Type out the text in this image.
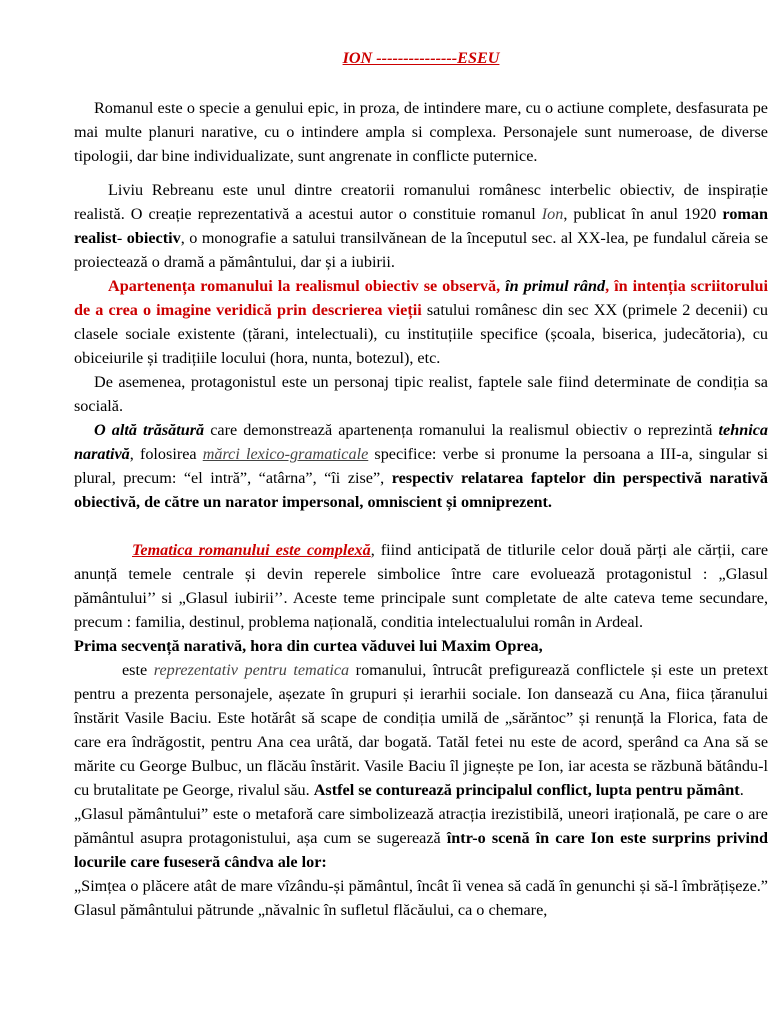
ION ---------------ESEU

Romanul este o specie a genului epic, in proza, de intindere mare, cu o actiune complete, desfasurata pe mai multe planuri narative, cu o intindere ampla si complexa. Personajele sunt numeroase, de diverse tipologii, dar bine individualizate, sunt angrenate in conflicte puternice.

Liviu Rebreanu este unul dintre creatorii romanului românesc interbelic obiectiv, de inspirație realistă. O creație reprezentativă a acestui autor o constituie romanul Ion, publicat în anul 1920 roman realist- obiectiv, o monografie a satului transilvănean de la începutul sec. al XX-lea, pe fundalul căreia se proiectează o dramă a pământului, dar și a iubirii.

Apartenența romanului la realismul obiectiv se observă, în primul rând, în intenția scriitorului de a crea o imagine veridică prin descrierea vieții satului românesc din sec XX (primele 2 decenii) cu clasele sociale existente (țărani, intelectuali), cu instituțiile specifice (școala, biserica, judecătoria), cu obiceiurile și tradițiile locului (hora, nunta, botezul), etc.

De asemenea, protagonistul este un personaj tipic realist, faptele sale fiind determinate de condiția sa socială.

O altă trăsătură care demonstrează apartenența romanului la realismul obiectiv o reprezintă tehnica narativă, folosirea mărci lexico-gramaticale specifice: verbe si pronume la persoana a III-a, singular si plural, precum: “el intră”, “atârna”, “îi zise”, respectiv relatarea faptelor din perspectivă narativă obiectivă, de către un narator impersonal, omniscient și omniprezent.

Tematica romanului este complexă, fiind anticipată de titlurile celor două părți ale cărții, care anunță temele centrale și devin reperele simbolice între care evoluează protagonistul : „Glasul pământului’’ si „Glasul iubirii’’. Aceste teme principale sunt completate de alte cateva teme secundare, precum : familia, destinul, problema națională, conditia intelectualului român in Ardeal.

Prima secvență narativă, hora din curtea văduvei lui Maxim Oprea,

este reprezentativ pentru tematica romanului, întrucât prefigurează conflictele și este un pretext pentru a prezenta personajele, așezate în grupuri și ierarhii sociale. Ion dansează cu Ana, fiica țăranului înstărit Vasile Baciu. Este hotărât să scape de condiția umilă de „sărăntoc” și renunță la Florica, fata de care era îndrăgostit, pentru Ana cea urâtă, dar bogată. Tatăl fetei nu este de acord, sperând ca Ana să se mărite cu George Bulbuc, un flăcău înstărit. Vasile Baciu îl jignește pe Ion, iar acesta se răzbună bătându-l cu brutalitate pe George, rivalul său. Astfel se conturează principalul conflict, lupta pentru pământ.

„Glasul pământului” este o metaforă care simbolizează atracția irezistibilă, uneori irațională, pe care o are pământul asupra protagonistului, așa cum se sugerează într-o scenă în care Ion este surprins privind locurile care fuseseră cândva ale lor:

„Simțea o plăcere atât de mare vîzându-și pământul, încât îi venea să cadă în genunchi și să-l îmbrățișeze.” Glasul pământului pătrunde „năvalnic în sufletul flăcăului, ca o chemare,
